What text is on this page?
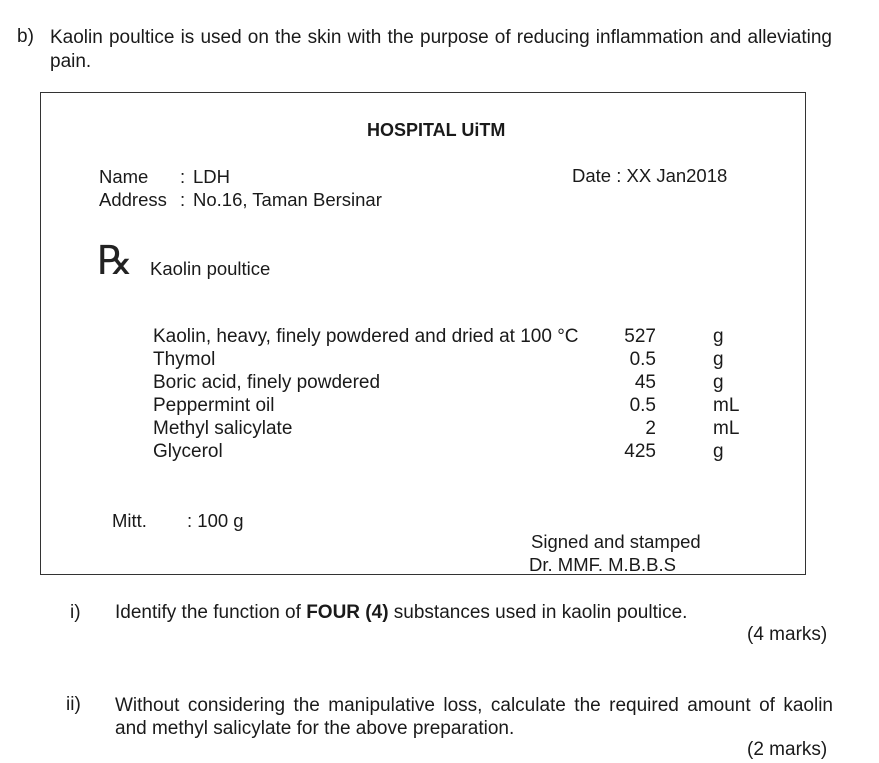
b) Kaolin poultice is used on the skin with the purpose of reducing inflammation and alleviating pain.
HOSPITAL UiTM
Name : LDH
Address : No.16, Taman Bersinar
Date : XX Jan2018
℞ Kaolin poultice
Kaolin, heavy, finely powdered and dried at 100 °C	527	g
Thymol	0.5	g
Boric acid, finely powdered	45	g
Peppermint oil	0.5	mL
Methyl salicylate	2	mL
Glycerol	425	g
Mitt. : 100 g
Signed and stamped
Dr. MMF. M.B.B.S
i) Identify the function of FOUR (4) substances used in kaolin poultice.
(4 marks)
ii) Without considering the manipulative loss, calculate the required amount of kaolin and methyl salicylate for the above preparation.
(2 marks)
